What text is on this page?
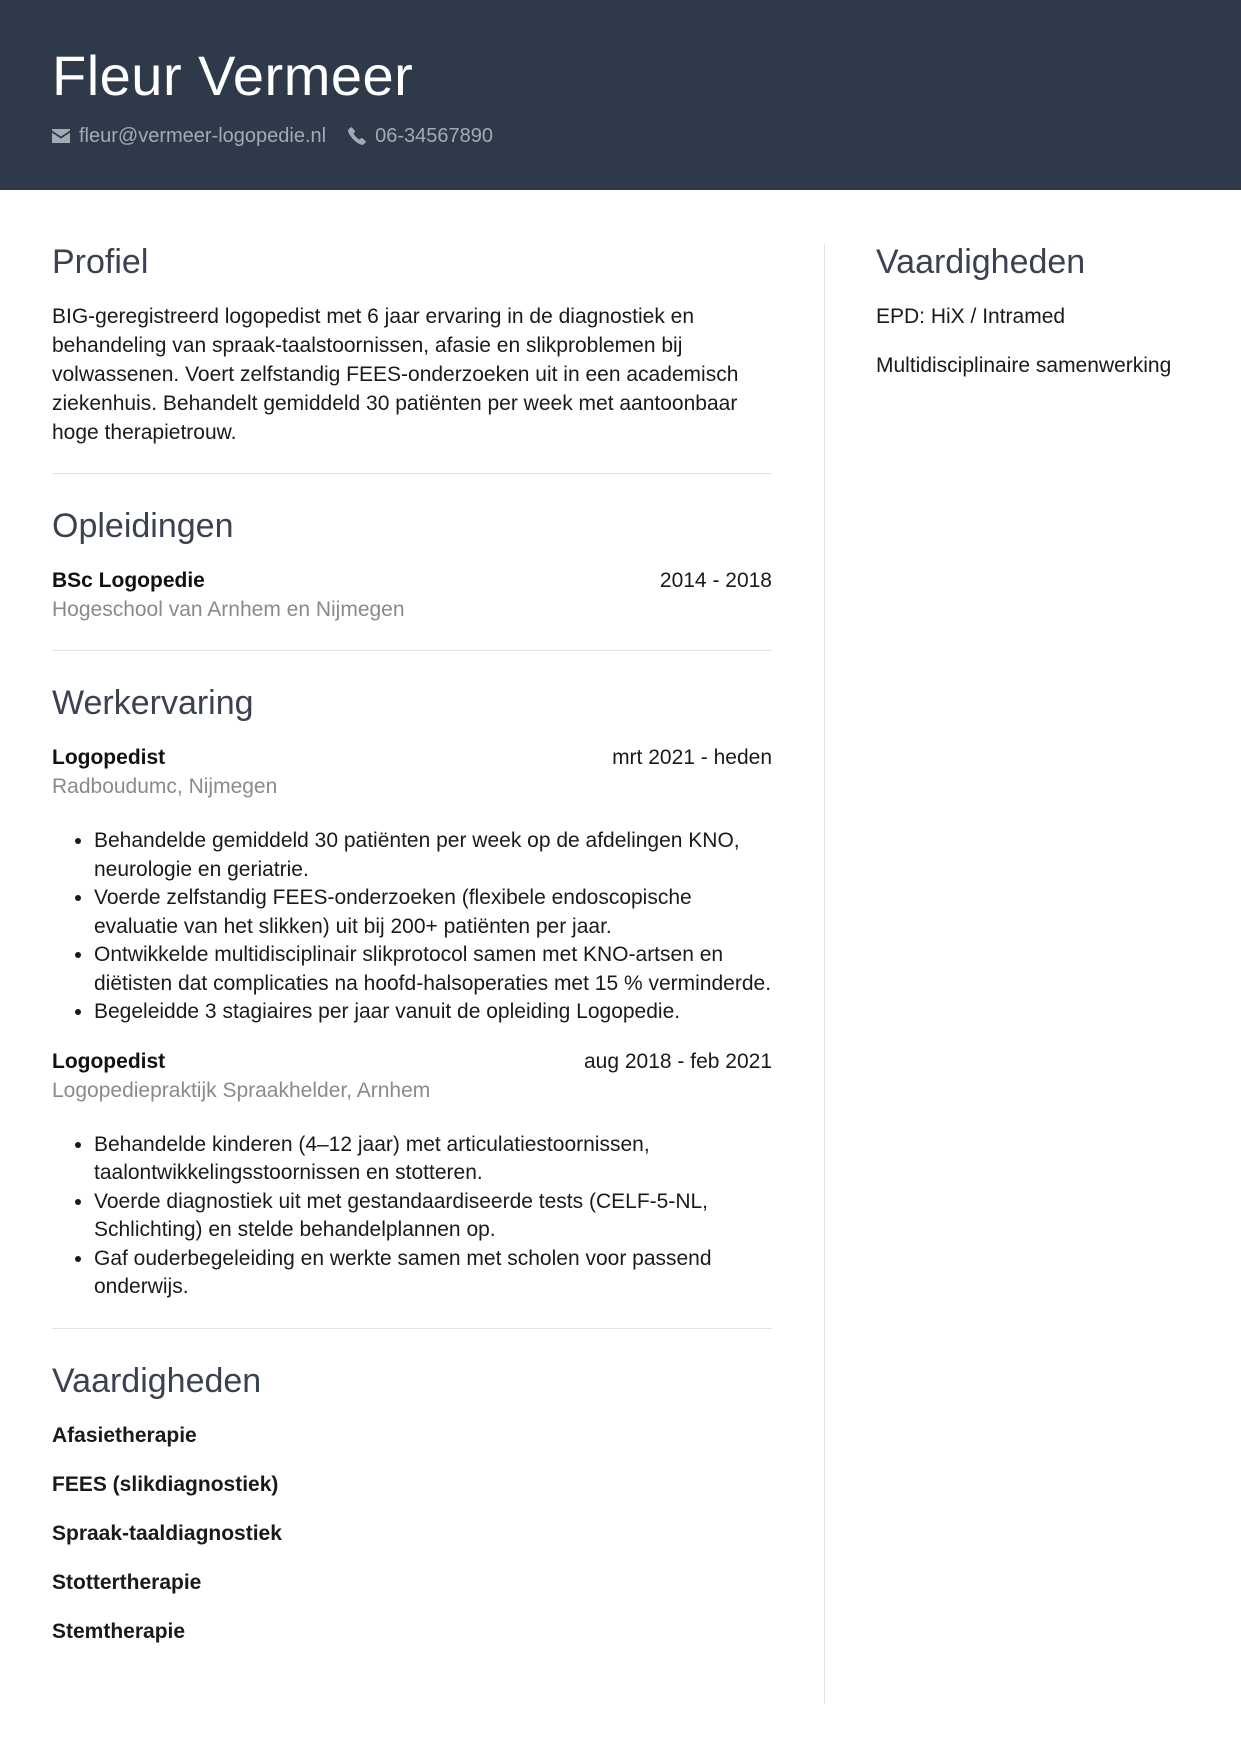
Fleur Vermeer
fleur@vermeer-logopedie.nl 06-34567890
Profiel

BIG-geregistreerd logopedist met 6 jaar ervaring in de diagnostiek en behandeling van spraak-taalstoornissen, afasie en slikproblemen bij volwassenen. Voert zelfstandig FEES-onderzoeken uit in een academisch ziekenhuis. Behandelt gemiddeld 30 patiënten per week met aantoonbaar hoge therapietrouw.

Opleidingen
BSc Logopedie	2014 - 2018
Hogeschool van Arnhem en Nijmegen
Werkervaring
Logopedist	mrt 2021 - heden
Radboudumc, Nijmegen
• Behandelde gemiddeld 30 patiënten per week op de afdelingen KNO, neurologie en geriatrie.
• Voerde zelfstandig FEES-onderzoeken (flexibele endoscopische evaluatie van het slikken) uit bij 200+ patiënten per jaar.
• Ontwikkelde multidisciplinair slikprotocol samen met KNO-artsen en diëtisten dat complicaties na hoofd-halsoperaties met 15 % verminderde.
• Begeleidde 3 stagiaires per jaar vanuit de opleiding Logopedie.
Logopedist	aug 2018 - feb 2021
Logopediepraktijk Spraakhelder, Arnhem
• Behandelde kinderen (4–12 jaar) met articulatiestoornissen, taalontwikkelingsstoornissen en stotteren.
• Voerde diagnostiek uit met gestandaardiseerde tests (CELF-5-NL, Schlichting) en stelde behandelplannen op.
• Gaf ouderbegeleiding en werkte samen met scholen voor passend onderwijs.
Vaardigheden
Afasietherapie
FEES (slikdiagnostiek)
Spraak-taaldiagnostiek
Stottertherapie
Stemtherapie
Vaardigheden
EPD: HiX / Intramed
Multidisciplinaire samenwerking
